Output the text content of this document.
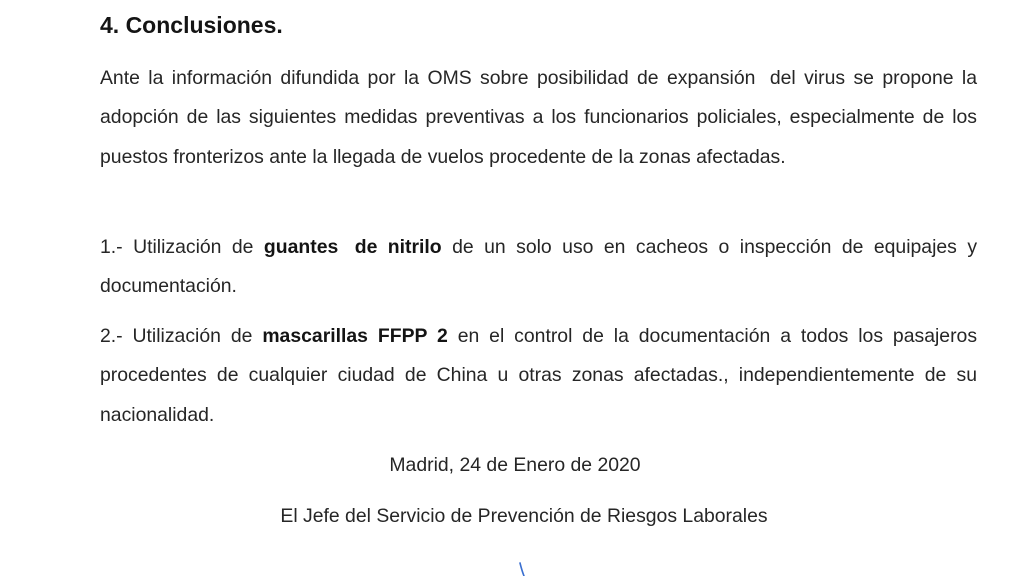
4. Conclusiones.

Ante la información difundida por la OMS sobre posibilidad de expansión del virus se propone la adopción de las siguientes medidas preventivas a los funcionarios policiales, especialmente de los puestos fronterizos ante la llegada de vuelos procedente de la zonas afectadas.

1.- Utilización de guantes de nitrilo de un solo uso en cacheos o inspección de equipajes y documentación.

2.- Utilización de mascarillas FFPP 2 en el control de la documentación a todos los pasajeros procedentes de cualquier ciudad de China u otras zonas afectadas., independientemente de su nacionalidad.

Madrid, 24 de Enero de 2020

El Jefe del Servicio de Prevención de Riesgos Laborales
